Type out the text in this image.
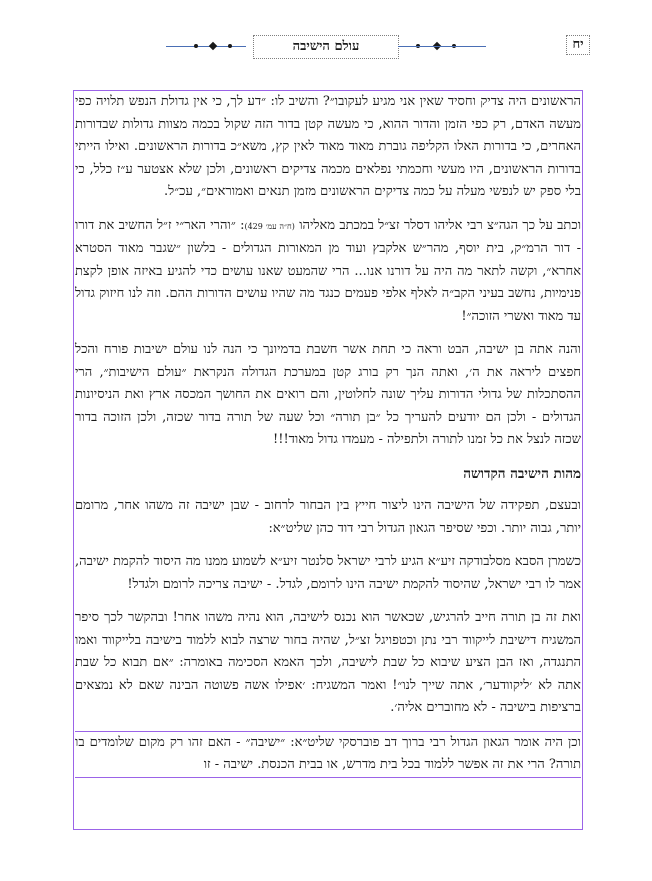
יח
עולם הישיבה

הראשונים היה צדיק וחסיד שאין אני מגיע לעקובו״? והשיב לו: ״דע לך, כי אין גדולת הנפש תלויה כפי מעשה האדם, רק כפי הזמן והדור ההוא, כי מעשה קטן בדור הזה שקול בכמה מצוות גדולות שבדורות האחרים, כי בדורות האלו הקליפה גוברת מאוד מאוד לאין קץ, משא״כ בדורות הראשונים. ואילו הייתי בדורות הראשונים, היו מעשי וחכמתי נפלאים מכמה צדיקים ראשונים, ולכן שלא אצטער ע״ז כלל, כי בלי ספק יש לנפשי מעלה על כמה צדיקים הראשונים מזמן תנאים ואמוראים״, עכ״ל.

וכתב על כך הגה״צ רבי אליהו דסלר זצ״ל במכתב מאליהו (ח״ה עמ׳ 429): ״והרי האר״י ז״ל החשיב את דורו - דור הרמ״ק, בית יוסף, מהר״ש אלקבץ ועוד מן המאורות הגדולים - בלשון ״שגבר מאוד הסטרא אחרא״, וקשה לתאר מה היה על דורנו אנו... הרי שהמעט שאנו עושים כדי להגיע באיזה אופן לקצת פנימיות, נחשב בעיני הקב״ה לאלף אלפי פעמים כנגד מה שהיו עושים הדורות ההם. וזה לנו חיזוק גדול עד מאוד ואשרי הזוכה״!

והנה אתה בן ישיבה, הבט וראה כי תחת אשר חשבת בדמיונך כי הנה לנו עולם ישיבות פורח והכל חפצים ליראה את ה׳, ואתה הנך רק בורג קטן במערכת הגדולה הנקראת ״עולם הישיבות״, הרי ההסתכלות של גדולי הדורות עליך שונה לחלוטין, והם רואים את החושך המכסה ארץ ואת הניסיונות הגדולים - ולכן הם יודעים להעריך כל ״בן תורה״ וכל שעה של תורה בדור שכזה, ולכן הזוכה בדור שכזה לנצל את כל זמנו לתורה ולתפילה - מעמדו גדול מאוד!!!

מהות הישיבה הקדושה

ובעצם, תפקידה של הישיבה הינו ליצור חייץ בין הבחור לרחוב - שבן ישיבה זה משהו אחר, מרומם יותר, גבוה יותר. וכפי שסיפר הגאון הגדול רבי דוד כהן שליט״א:

כשמרן הסבא מסלבודקה זיע״א הגיע לרבי ישראל סלנטר זיע״א לשמוע ממנו מה היסוד להקמת ישיבה, אמר לו רבי ישראל, שהיסוד להקמת ישיבה הינו לרומם, לגדל. - ישיבה צריכה לרומם ולגדל!

ואת זה בן תורה חייב להרגיש, שכאשר הוא נכנס לישיבה, הוא נהיה משהו אחר! ובהקשר לכך סיפר המשגיח דישיבת לייקווד רבי נתן וכטפויגל זצ״ל, שהיה בחור שרצה לבוא ללמוד בישיבה בלייקווד ואמו התנגדה, ואז הבן הציע שיבוא כל שבת לישיבה, ולכך האמא הסכימה באומרה: ״אם תבוא כל שבת אתה לא ׳ליקוודער׳, אתה שייך לנו״! ואמר המשגיח: ׳אפילו אשה פשוטה הבינה שאם לא נמצאים ברציפות בישיבה - לא מחוברים אליה׳.

וכן היה אומר הגאון הגדול רבי ברוך דב פוברסקי שליט״א: ״ישיבה״ - האם זהו רק מקום שלומדים בו תורה? הרי את זה אפשר ללמוד בכל בית מדרש, או בבית הכנסת. ישיבה - זו
